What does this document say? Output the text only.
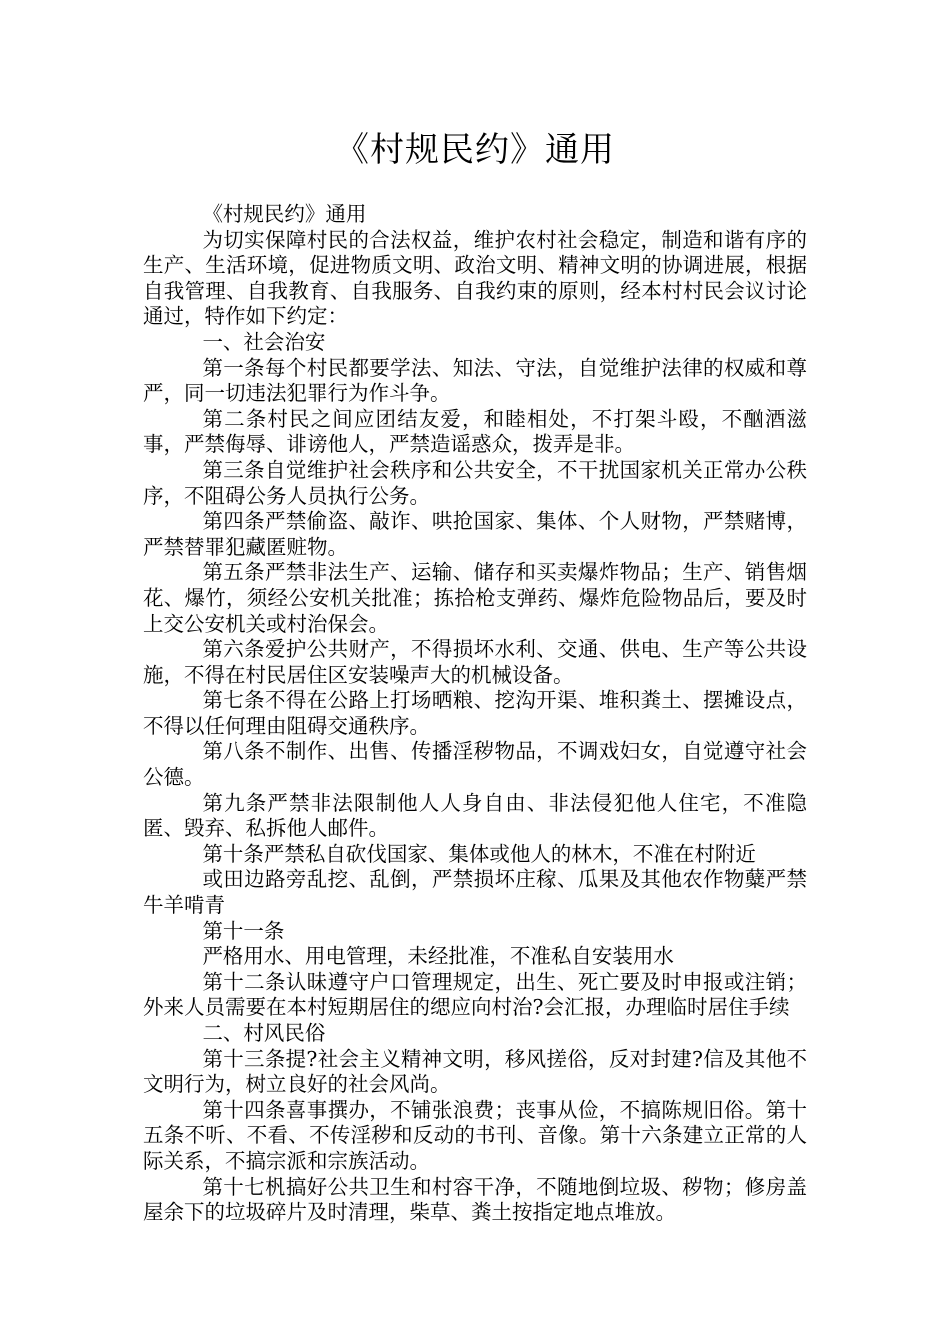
《村规民约》通用

《村规民约》通用

为切实保障村民的合法权益，维护农村社会稳定，制造和谐有序的生产、生活环境，促进物质文明、政治文明、精神文明的协调进展，根据自我管理、自我教育、自我服务、自我约束的原则，经本村村民会议讨论通过，特作如下约定：

一、社会治安

第一条每个村民都要学法、知法、守法，自觉维护法律的权威和尊严，同一切违法犯罪行为作斗争。

第二条村民之间应团结友爱，和睦相处，不打架斗殴，不酗酒滋事，严禁侮辱、诽谤他人，严禁造谣惑众，拨弄是非。

第三条自觉维护社会秩序和公共安全，不干扰国家机关正常办公秩序，不阻碍公务人员执行公务。

第四条严禁偷盗、敲诈、哄抢国家、集体、个人财物，严禁赌博，严禁替罪犯藏匿赃物。

第五条严禁非法生产、运输、储存和买卖爆炸物品；生产、销售烟花、爆竹，须经公安机关批准；拣拾枪支弹药、爆炸危险物品后，要及时上交公安机关或村治保会。

第六条爱护公共财产，不得损坏水利、交通、供电、生产等公共设施，不得在村民居住区安装噪声大的机械设备。

第七条不得在公路上打场晒粮、挖沟开渠、堆积粪土、摆摊设点，不得以任何理由阻碍交通秩序。

第八条不制作、出售、传播淫秽物品，不调戏妇女，自觉遵守社会公德。

第九条严禁非法限制他人人身自由、非法侵犯他人住宅，不准隐匿、毁弃、私拆他人邮件。

第十条严禁私自砍伐国家、集体或他人的林木，不准在村附近

或田边路旁乱挖、乱倒，严禁损坏庄稼、瓜果及其他农作物糵严禁牛羊啃青

第十一条

严格用水、用电管理，未经批准，不准私自安装用水

第十二条认昧遵守户口管理规定，出生、死亡要及时申报或注销；外来人员需要在本村短期居住的缌应向村治?会汇报，办理临时居住手续

二、村风民俗

第十三条提?社会主义精神文明，移风搓俗，反对封建?信及其他不文明行为，树立良好的社会风尚。

第十四条喜事撰办，不铺张浪费；丧事从俭，不搞陈规旧俗。第十五条不听、不看、不传淫秽和反动的书刊、音像。第十六条建立正常的人际关系，不搞宗派和宗族活动。

第十七杋搞好公共卫生和村容干净，不随地倒垃圾、秽物；修房盖屋余下的垃圾碎片及时清理，柴草、粪土按指定地点堆放。
